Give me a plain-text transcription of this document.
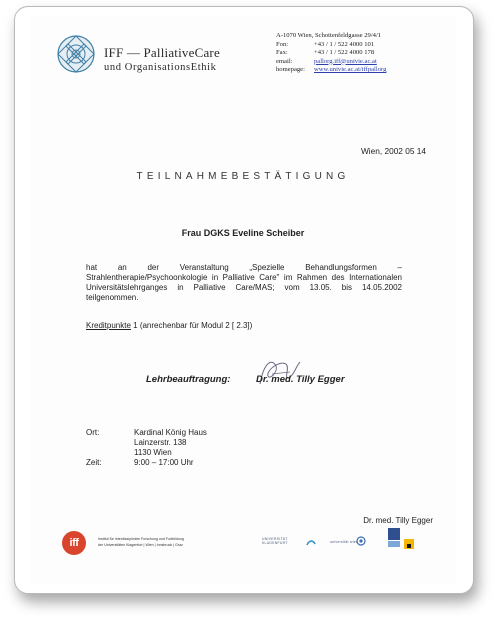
IFF — PalliativeCare
und OrganisationsEthik
A-1070 Wien, Schottenfeldgasse 29/4/1
Fon:	+43 / 1 / 522 4000 101
Fax:	+43 / 1 / 522 4000 178
email:	pallorg.iff@univie.ac.at
homepage:	www.univie.ac.at/iffpallorg
Wien, 2002 05 14
TEILNAHMEBESTÄTIGUNG
Frau DGKS Eveline Scheiber
hat an der Veranstaltung „Spezielle Behandlungsformen – Strahlentherapie/Psychoonkologie in Palliative Care" im Rahmen des Internationalen Universitätslehrganges in Palliative Care/MAS; vom 13.05. bis 14.05.2002 teilgenommen.
Kreditpunkte 1 (anrechenbar für Modul 2 [ 2.3])
Lehrbeauftragung:	Dr. med. Tilly Egger
Ort:	Kardinal König Haus
Lainzerstr. 138
1130 Wien
Zeit:	9:00 – 17:00 Uhr
Dr. med. Tilly Egger
iff	Institut für Interdisziplinäre Forschung und Fortbildung
der Universitäten Klagenfurt | Wien | Innsbruck | Graz
UNIVERSITÄT
KLAGENFURT	universität wien
